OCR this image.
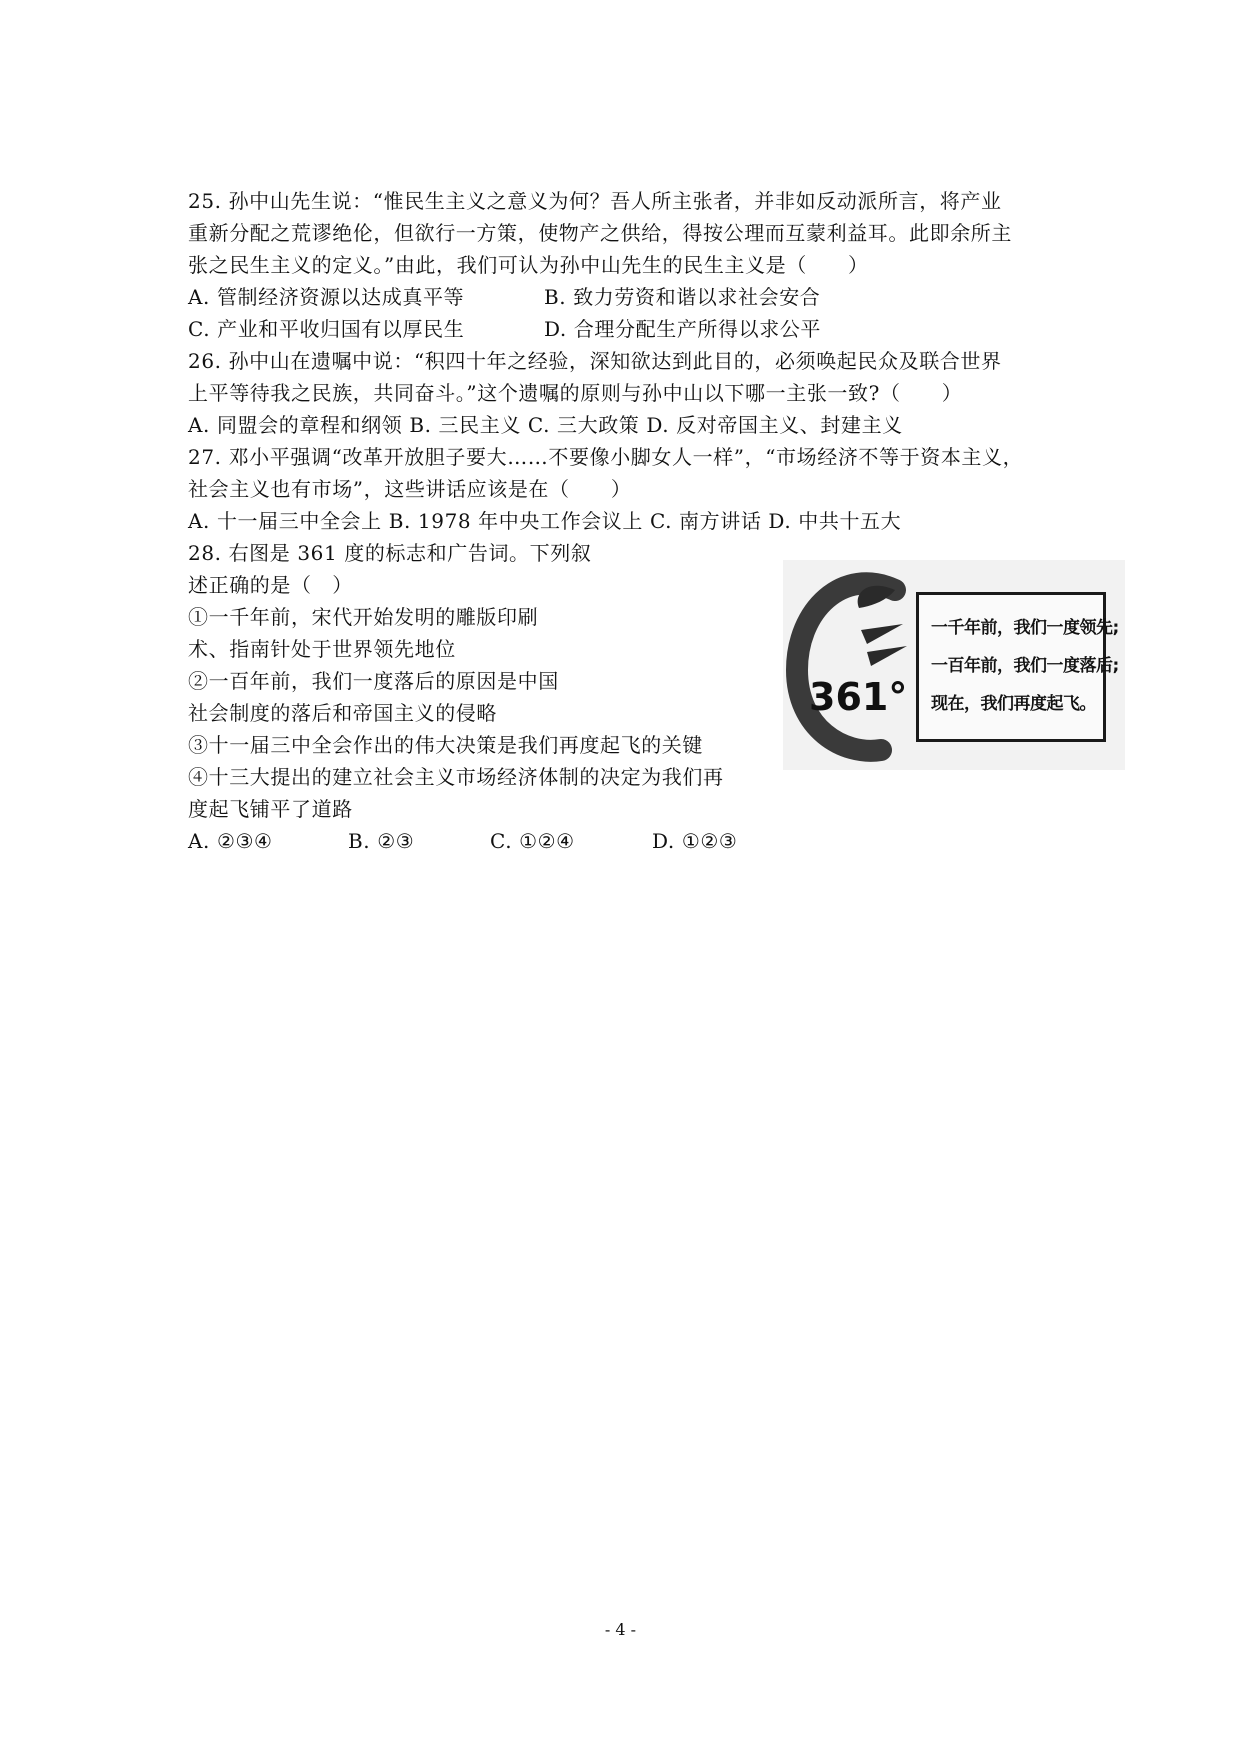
25. 孙中山先生说：“惟民生主义之意义为何？吾人所主张者，并非如反动派所言，将产业
重新分配之荒谬绝伦，但欲行一方策，使物产之供给，得按公理而互蒙利益耳。此即余所主
张之民生主义的定义。”由此，我们可认为孙中山先生的民生主义是（　　）
A. 管制经济资源以达成真平等	B. 致力劳资和谐以求社会安合
C. 产业和平收归国有以厚民生	D. 合理分配生产所得以求公平
26. 孙中山在遗嘱中说：“积四十年之经验，深知欲达到此目的，必须唤起民众及联合世界
上平等待我之民族，共同奋斗。”这个遗嘱的原则与孙中山以下哪一主张一致?（　　）
A. 同盟会的章程和纲领 B. 三民主义 C. 三大政策 D. 反对帝国主义、封建主义
27. 邓小平强调“改革开放胆子要大……不要像小脚女人一样”，“市场经济不等于资本主义，
社会主义也有市场”，这些讲话应该是在（　　）
A. 十一届三中全会上 B. 1978 年中央工作会议上 C. 南方讲话 D. 中共十五大
28. 右图是 361 度的标志和广告词。下列叙
述正确的是（　）
①一千年前，宋代开始发明的雕版印刷
术、指南针处于世界领先地位
②一百年前，我们一度落后的原因是中国
社会制度的落后和帝国主义的侵略
③十一届三中全会作出的伟大决策是我们再度起飞的关键
④十三大提出的建立社会主义市场经济体制的决定为我们再
度起飞铺平了道路
A. ②③④	B. ②③	C. ①②④	D. ①②③
361°
一千年前，我们一度领先;
一百年前，我们一度落后;
现在，我们再度起飞。
- 4 -
